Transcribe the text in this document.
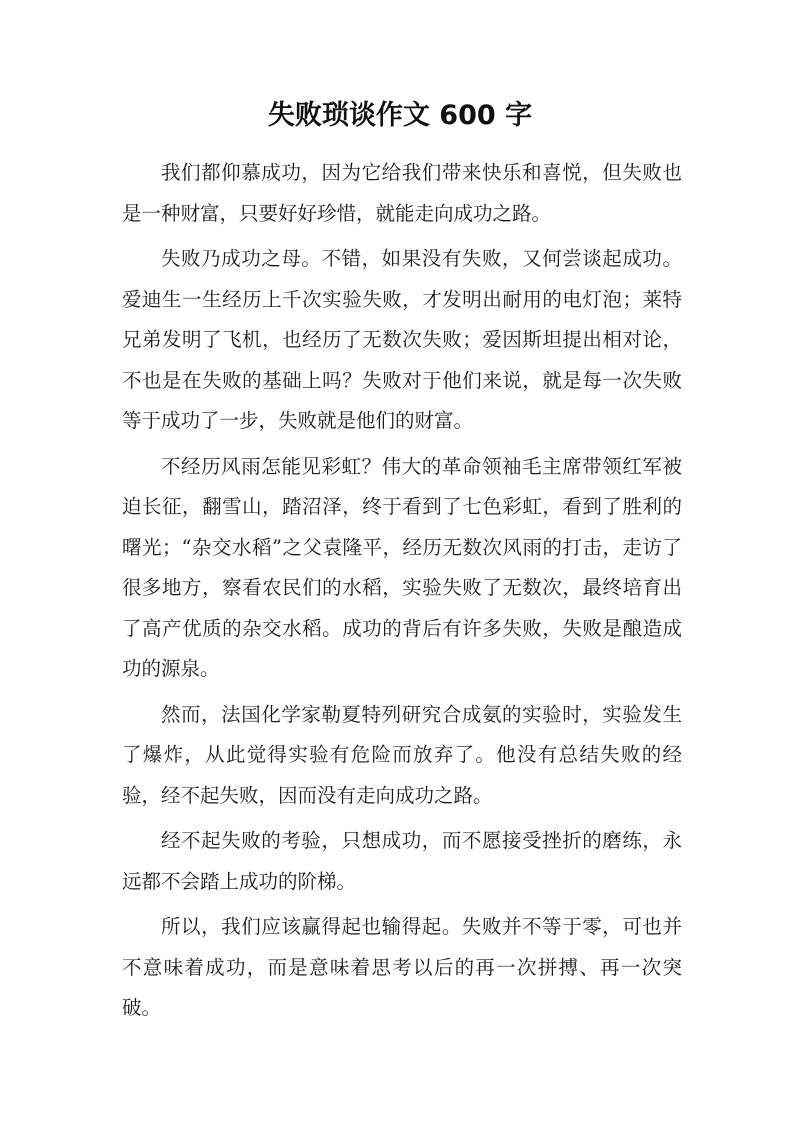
失败琐谈作文 600 字

我们都仰慕成功，因为它给我们带来快乐和喜悦，但失败也是一种财富，只要好好珍惜，就能走向成功之路。

失败乃成功之母。不错，如果没有失败，又何尝谈起成功。爱迪生一生经历上千次实验失败，才发明出耐用的电灯泡；莱特兄弟发明了飞机，也经历了无数次失败；爱因斯坦提出相对论，不也是在失败的基础上吗？失败对于他们来说，就是每一次失败等于成功了一步，失败就是他们的财富。

不经历风雨怎能见彩虹？伟大的革命领袖毛主席带领红军被迫长征，翻雪山，踏沼泽，终于看到了七色彩虹，看到了胜利的曙光；“杂交水稻”之父袁隆平，经历无数次风雨的打击，走访了很多地方，察看农民们的水稻，实验失败了无数次，最终培育出了高产优质的杂交水稻。成功的背后有许多失败，失败是酿造成功的源泉。

然而，法国化学家勒夏特列研究合成氨的实验时，实验发生了爆炸，从此觉得实验有危险而放弃了。他没有总结失败的经验，经不起失败，因而没有走向成功之路。

经不起失败的考验，只想成功，而不愿接受挫折的磨练，永远都不会踏上成功的阶梯。

所以，我们应该赢得起也输得起。失败并不等于零，可也并不意味着成功，而是意味着思考以后的再一次拼搏、再一次突破。
